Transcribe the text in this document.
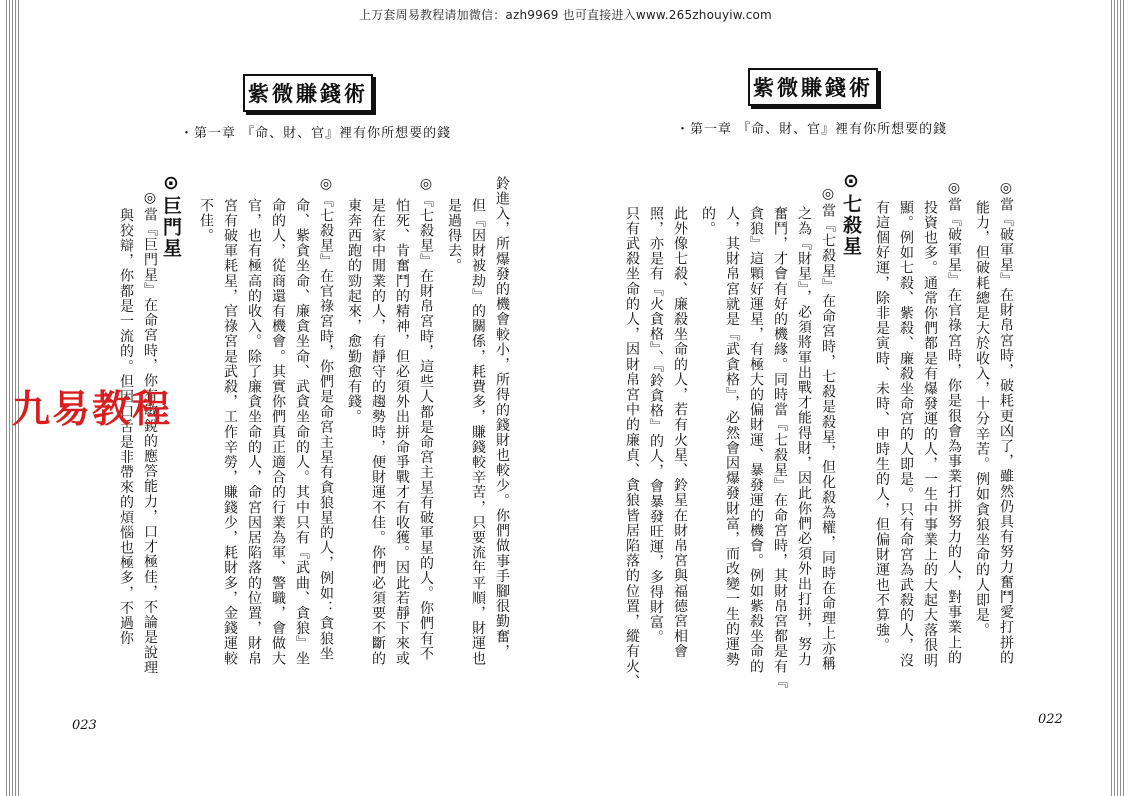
上万套周易教程请加微信：azh9969 也可直接进入www.265zhouyiw.com
紫微賺錢術
・第一章 『命、財、官』裡有你所想要的錢
鈴進入，所爆發的機會較小，所得的錢財也較少。你們做事手腳很勤奮，
但『因財被劫』的關係，耗費多，賺錢較辛苦，只要流年平順，財運也
是過得去。
◎『七殺星』在財帛宮時，這些人都是命宮主星有破軍星的人。你們有不
怕死、肯奮鬥的精神，但必須外出拼命爭戰才有收獲。因此若靜下來或
是在家中閒業的人，有靜守的趨勢時，便財運不佳。你們必須要不斷的
東奔西跑的勁起來，愈勤愈有錢。
◎『七殺星』在官祿宮時，你們是命宮主星有貪狼星的人，例如：貪狼坐
命、紫貪坐命、廉貪坐命、武貪坐命的人。其中只有『武曲、貪狼』坐
命的人，從商還有機會。其實你們真正適合的行業為軍、警職，會做大
官，也有極高的收入。除了廉貪坐命的人，命宮因居陷落的位置，財帛
宮有破軍耗星，官祿宮是武殺，工作辛勞，賺錢少，耗財多，金錢運較
不佳。
⊙巨門星
◎當『巨門星』在命宮時，你有敏銳的應答能力，口才極佳，不論是說理
與狡辯，你都是一流的。但因口舌是非帶來的煩惱也極多，不過你
023
紫微賺錢術
・第一章 『命、財、官』裡有你所想要的錢
◎當『破軍星』在財帛宮時，破耗更凶了，雖然仍具有努力奮鬥愛打拼的
能力，但破耗總是大於收入，十分辛苦。例如貪狼坐命的人即是。
◎當『破軍星』在官祿宮時，你是很會為事業打拼努力的人，對事業上的
投資也多。通常你們都是有爆發運的人，一生中事業上的大起大落很明
顯。例如七殺、紫殺、廉殺坐命宮的人即是。只有命宮為武殺的人，沒
有這個好運，除非是寅時、未時、申時生的人，但偏財運也不算強。
⊙七殺星
◎當『七殺星』在命宮時，七殺是殺星，但化殺為權，同時在命理上亦稱
之為『財星』，必須將軍出戰才能得財，因此你們必須外出打拼，努力
奮鬥，才會有好的機緣。同時當『七殺星』在命宮時，其財帛宮都是有『
貪狼』這顆好運星，有極大的偏財運、暴發運的機會。例如紫殺坐命的
人，其財帛宮就是『武貪格』，必然會因爆發財富，而改變一生的運勢
的。
此外像七殺、廉殺坐命的人，若有火星、鈴星在財帛宮與福德宮相會
照，亦是有『火貪格』、『鈴貪格』的人，會暴發旺運，多得財富。
只有武殺坐命的人，因財帛宮中的廉貞、貪狼皆居陷落的位置，縱有火、
022
九易教程
